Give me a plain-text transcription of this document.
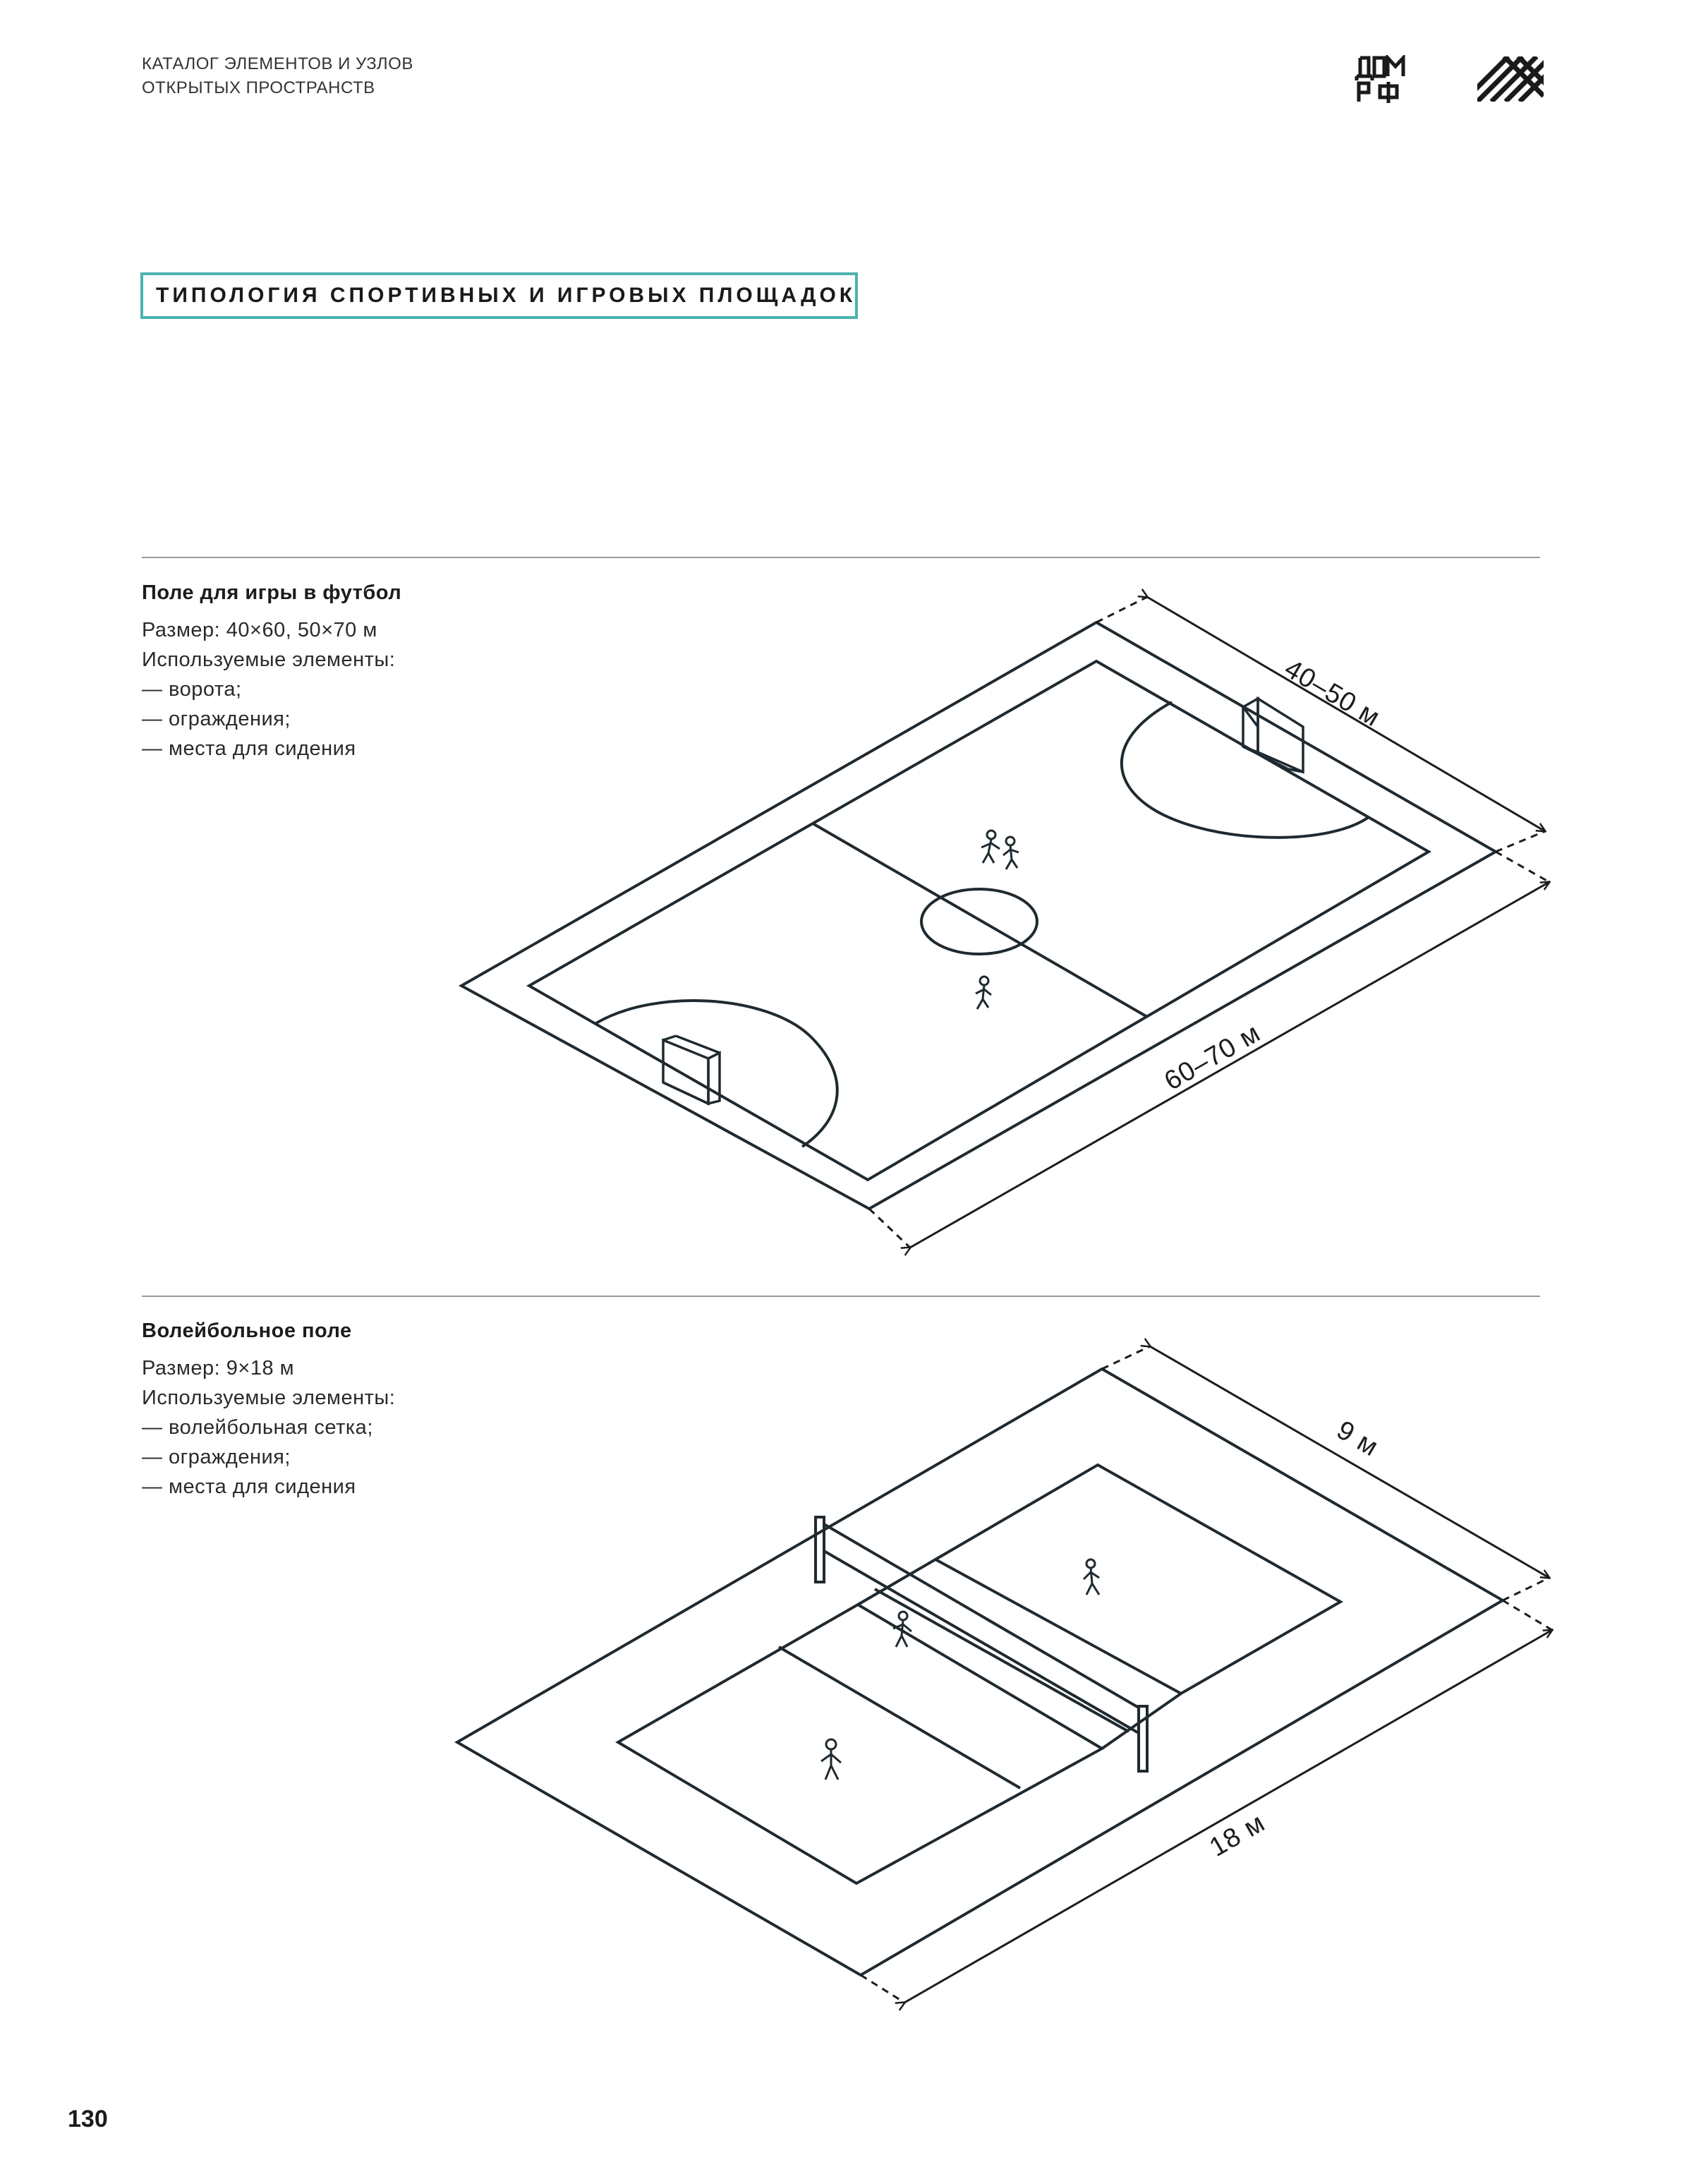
КАТАЛОГ ЭЛЕМЕНТОВ И УЗЛОВ
ОТКРЫТЫХ ПРОСТРАНСТВ
ТИПОЛОГИЯ СПОРТИВНЫХ И ИГРОВЫХ ПЛОЩАДОК
Поле для игры в футбол
Размер: 40×60, 50×70 м
Используемые элементы:
— ворота;
— ограждения;
— места для сидения
Волейбольное поле
Размер: 9×18 м
Используемые элементы:
— волейбольная сетка;
— ограждения;
— места для сидения
40–50 м
60–70 м
9 м
18 м
130
